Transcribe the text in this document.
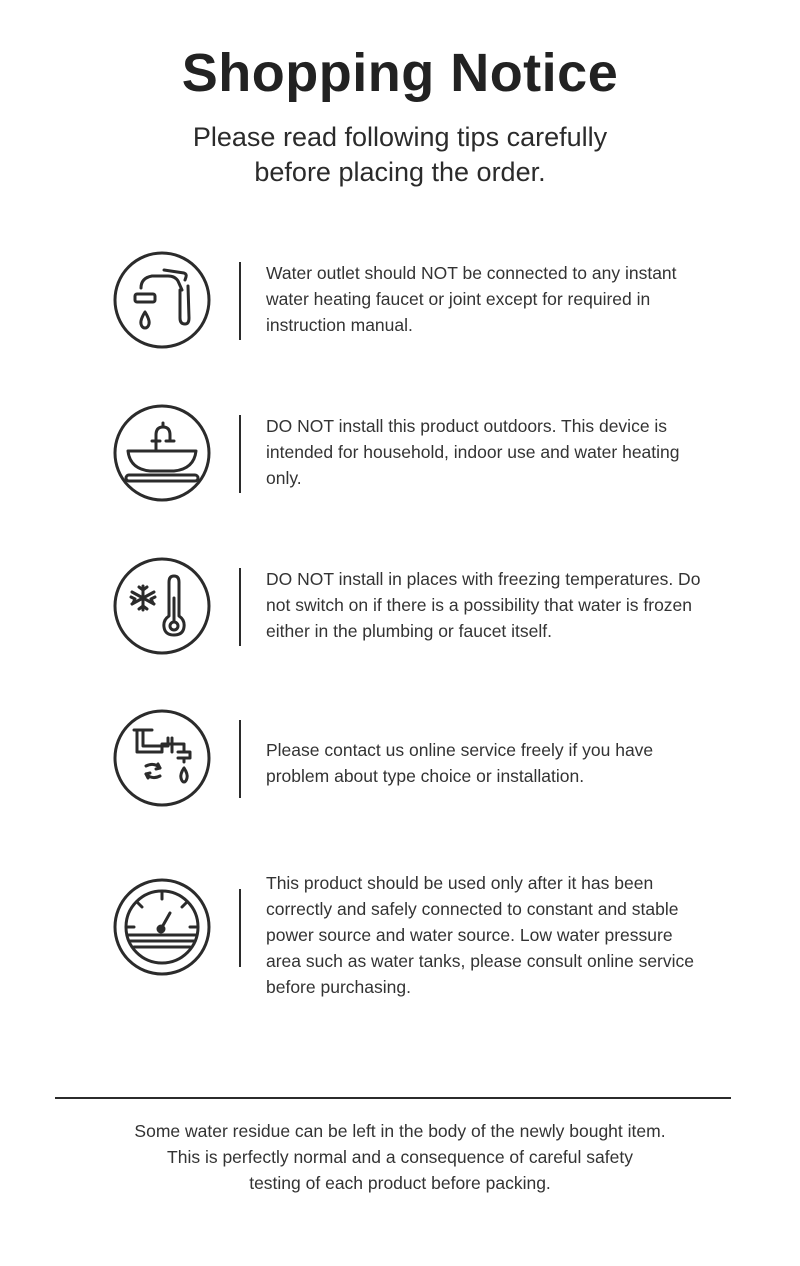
Shopping Notice
Please read following tips carefully
before placing the order.
Water outlet should NOT be connected to any instant water heating faucet or joint except for required in instruction manual.
DO NOT install this product outdoors. This device is intended for household, indoor use and water heating only.
DO NOT install in places with freezing temperatures. Do not switch on if there is a possibility that water is frozen either in the plumbing or faucet itself.
Please contact us online service freely if you have problem about type choice or installation.
This product should be used only after it has been correctly and safely connected to constant and stable power source and water source. Low water pressure area such as water tanks, please consult online service before purchasing.
Some water residue can be left in the body of the newly bought item.
This is perfectly normal and a consequence of careful safety
testing of each product before packing.
